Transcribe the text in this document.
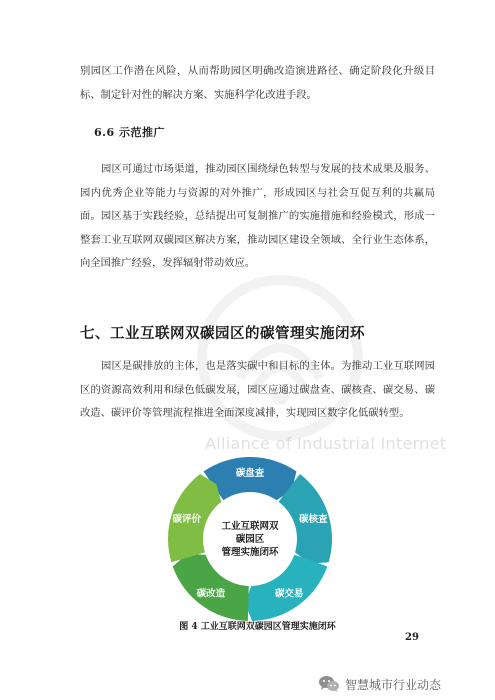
别园区工作潜在风险，从而帮助园区明确改造演进路径、确定阶段化升级目标、制定针对性的解决方案、实施科学化改进手段。

6.6 示范推广

园区可通过市场渠道，推动园区围绕绿色转型与发展的技术成果及服务、园内优秀企业等能力与资源的对外推广，形成园区与社会互促互利的共赢局面。园区基于实践经验，总结提出可复制推广的实施措施和经验模式，形成一整套工业互联网双碳园区解决方案，推动园区建设全领域、全行业生态体系，向全国推广经验，发挥辐射带动效应。

Alliance of Industrial Internet
七、工业互联网双碳园区的碳管理实施闭环

园区是碳排放的主体，也是落实碳中和目标的主体。为推动工业互联网园区的资源高效利用和绿色低碳发展，园区应通过碳盘查、碳核查、碳交易、碳改造、碳评价等管理流程推进全面深度减排，实现园区数字化低碳转型。

碳盘查
碳核查
碳交易
碳改造
碳评价
工业互联网双
碳园区
管理实施闭环
图 4 工业互联网双碳园区管理实施闭环
29
智慧城市行业动态
